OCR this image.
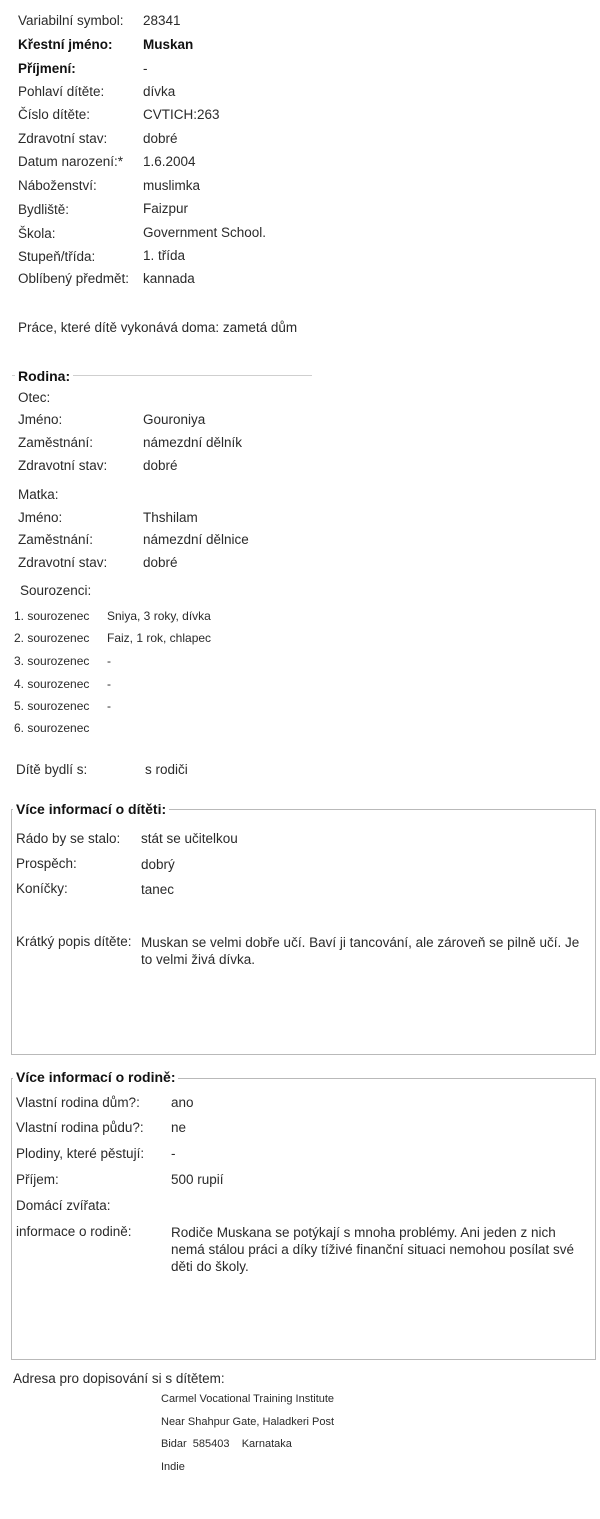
Variabilní symbol: 28341
Křestní jméno: Muskan
Příjmení:	-
Pohlaví dítěte:	dívka
Číslo dítěte:	CVTICH:263
Zdravotní stav:	dobré
Datum narození:* 1.6.2004
Náboženství:	muslimka
Bydliště:	Faizpur
Škola:	Government School.
Stupeň/třída:	1. třída
Oblíbený předmět: kannada
Práce, které dítě vykonává doma: zametá dům
Rodina:
Otec:
Jméno:	Gouroniya
Zaměstnání:	námezdní dělník
Zdravotní stav:	dobré
Matka:
Jméno:	Thshilam
Zaměstnání:	námezdní dělnice
Zdravotní stav:	dobré
Sourozenci:
1. sourozenec Sniya, 3 roky, dívka
2. sourozenec Faiz, 1 rok, chlapec
3. sourozenec -
4. sourozenec -
5. sourozenec -
6. sourozenec
Dítě bydlí s:	s rodiči
Více informací o dítěti:
Rádo by se stalo: stát se učitelkou
Prospěch:	dobrý
Koníčky:	tanec
Krátký popis dítěte: Muskan se velmi dobře učí. Baví ji tancování, ale zároveň se pilně učí. Je to velmi živá dívka.
Více informací o rodině:
Vlastní rodina dům?: ano
Vlastní rodina půdu?: ne
Plodiny, které pěstují: -
Příjem:	500 rupií
Domácí zvířata:
informace o rodině:	Rodiče Muskana se potýkají s mnoha problémy. Ani jeden z nich nemá stálou práci a díky tíživé finanční situaci nemohou posílat své děti do školy.
Adresa pro dopisování si s dítětem:
Carmel Vocational Training Institute
Near Shahpur Gate, Haladkeri Post
Bidar  585403    Karnataka
Indie
